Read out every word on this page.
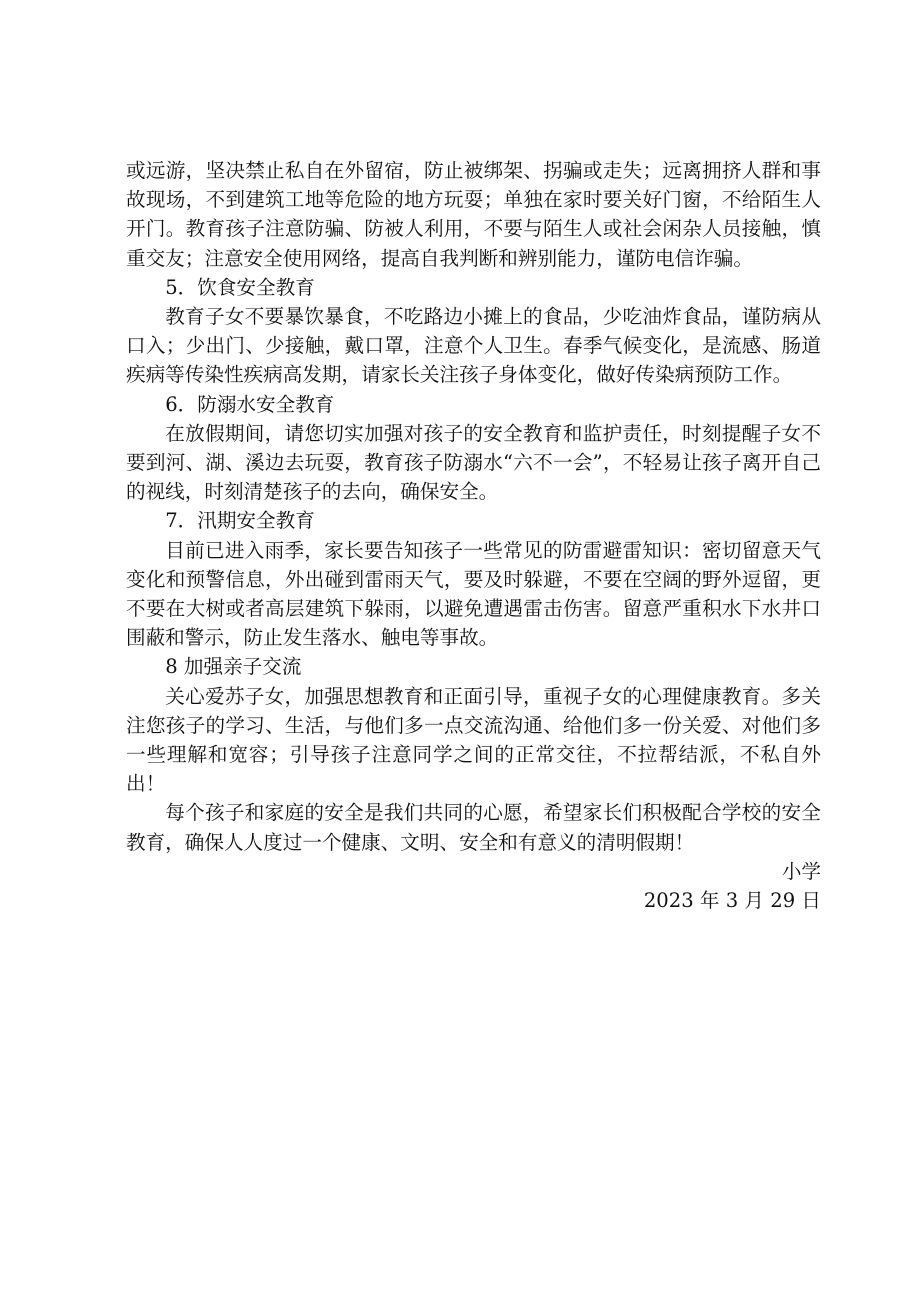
或远游，坚决禁止私自在外留宿，防止被绑架、拐骗或走失；远离拥挤人群和事故现场，不到建筑工地等危险的地方玩耍；单独在家时要关好门窗，不给陌生人开门。教育孩子注意防骗、防被人利用，不要与陌生人或社会闲杂人员接触，慎重交友；注意安全使用网络，提高自我判断和辨别能力，谨防电信诈骗。

5．饮食安全教育

教育子女不要暴饮暴食，不吃路边小摊上的食品，少吃油炸食品，谨防病从口入；少出门、少接触，戴口罩，注意个人卫生。春季气候变化，是流感、肠道疾病等传染性疾病高发期，请家长关注孩子身体变化，做好传染病预防工作。

6．防溺水安全教育

在放假期间，请您切实加强对孩子的安全教育和监护责任，时刻提醒子女不要到河、湖、溪边去玩耍，教育孩子防溺水“六不一会”，不轻易让孩子离开自己的视线，时刻清楚孩子的去向，确保安全。

7．汛期安全教育

目前已进入雨季，家长要告知孩子一些常见的防雷避雷知识：密切留意天气变化和预警信息，外出碰到雷雨天气，要及时躲避，不要在空阔的野外逗留，更不要在大树或者高层建筑下躲雨，以避免遭遇雷击伤害。留意严重积水下水井口围蔽和警示，防止发生落水、触电等事故。

8 加强亲子交流

关心爱苏子女，加强思想教育和正面引导，重视子女的心理健康教育。多关注您孩子的学习、生活，与他们多一点交流沟通、给他们多一份关爱、对他们多一些理解和宽容；引导孩子注意同学之间的正常交往，不拉帮结派，不私自外出！

每个孩子和家庭的安全是我们共同的心愿，希望家长们积极配合学校的安全教育，确保人人度过一个健康、文明、安全和有意义的清明假期！

小学

2023 年 3 月 29 日
